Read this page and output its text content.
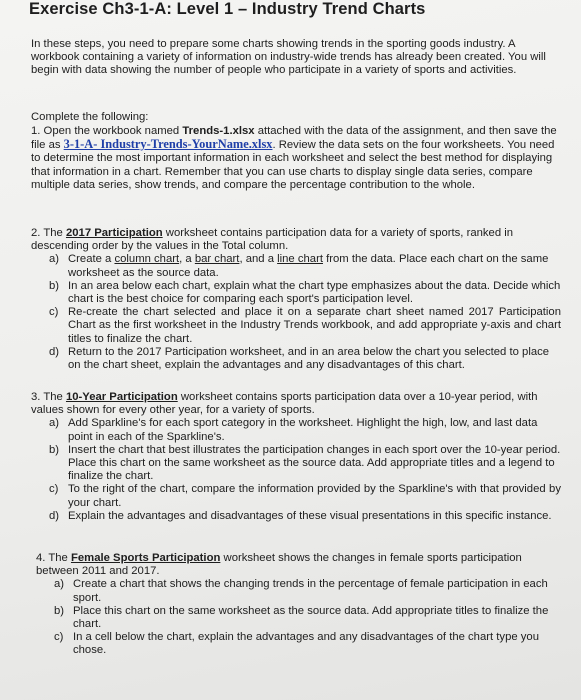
Exercise Ch3-1-A: Level 1 – Industry Trend Charts
In these steps, you need to prepare some charts showing trends in the sporting goods industry. A workbook containing a variety of information on industry-wide trends has already been created. You will begin with data showing the number of people who participate in a variety of sports and activities.
Complete the following:
1. Open the workbook named Trends-1.xlsx attached with the data of the assignment, and then save the file as 3-1-A- Industry-Trends-YourName.xlsx. Review the data sets on the four worksheets. You need to determine the most important information in each worksheet and select the best method for displaying that information in a chart. Remember that you can use charts to display single data series, compare multiple data series, show trends, and compare the percentage contribution to the whole.
2. The 2017 Participation worksheet contains participation data for a variety of sports, ranked in descending order by the values in the Total column.
a) Create a column chart, a bar chart, and a line chart from the data. Place each chart on the same worksheet as the source data.
b) In an area below each chart, explain what the chart type emphasizes about the data. Decide which chart is the best choice for comparing each sport's participation level.
c) Re-create the chart selected and place it on a separate chart sheet named 2017 Participation Chart as the first worksheet in the Industry Trends workbook, and add appropriate y-axis and chart titles to finalize the chart.
d) Return to the 2017 Participation worksheet, and in an area below the chart you selected to place on the chart sheet, explain the advantages and any disadvantages of this chart.
3. The 10-Year Participation worksheet contains sports participation data over a 10-year period, with values shown for every other year, for a variety of sports.
a) Add Sparkline's for each sport category in the worksheet. Highlight the high, low, and last data point in each of the Sparkline's.
b) Insert the chart that best illustrates the participation changes in each sport over the 10-year period. Place this chart on the same worksheet as the source data. Add appropriate titles and a legend to finalize the chart.
c) To the right of the chart, compare the information provided by the Sparkline's with that provided by your chart.
d) Explain the advantages and disadvantages of these visual presentations in this specific instance.
4. The Female Sports Participation worksheet shows the changes in female sports participation between 2011 and 2017.
a) Create a chart that shows the changing trends in the percentage of female participation in each sport.
b) Place this chart on the same worksheet as the source data. Add appropriate titles to finalize the chart.
c) In a cell below the chart, explain the advantages and any disadvantages of the chart type you chose.
